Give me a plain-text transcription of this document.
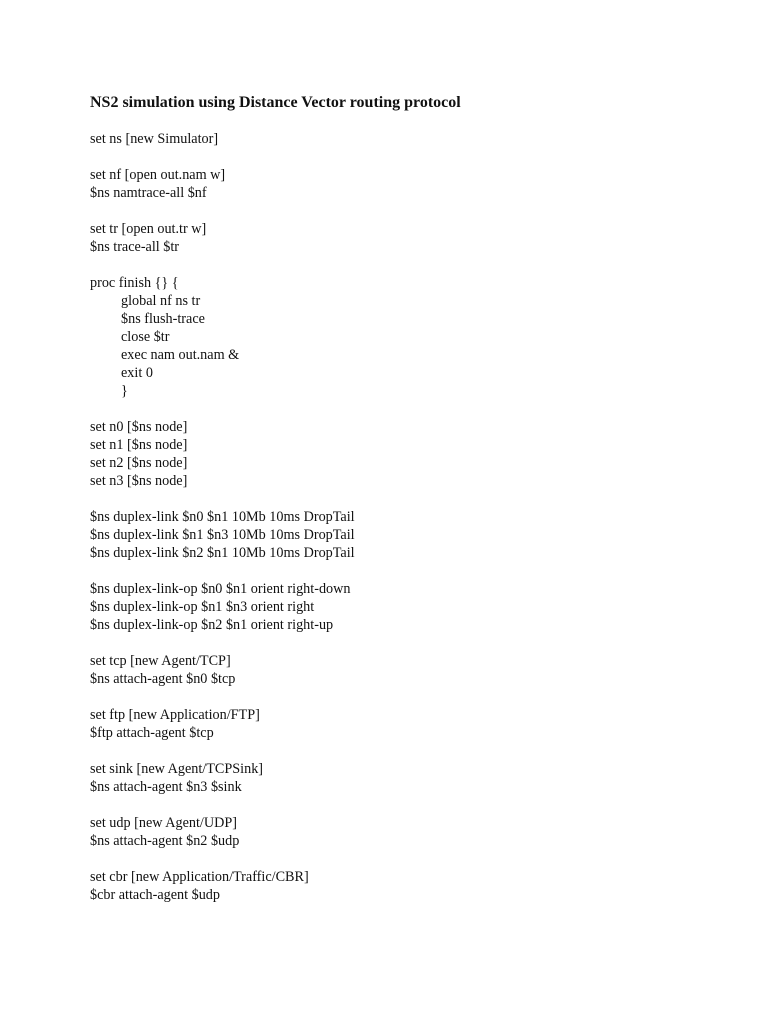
NS2 simulation using Distance Vector routing protocol
set ns [new Simulator]
set nf [open out.nam w]
$ns namtrace-all $nf
set tr [open out.tr w]
$ns trace-all $tr
proc finish {} {
global nf ns tr
$ns flush-trace
close $tr
exec nam out.nam &
exit 0
}
set n0 [$ns node]
set n1 [$ns node]
set n2 [$ns node]
set n3 [$ns node]
$ns duplex-link $n0 $n1 10Mb 10ms DropTail
$ns duplex-link $n1 $n3 10Mb 10ms DropTail
$ns duplex-link $n2 $n1 10Mb 10ms DropTail
$ns duplex-link-op $n0 $n1 orient right-down
$ns duplex-link-op $n1 $n3 orient right
$ns duplex-link-op $n2 $n1 orient right-up
set tcp [new Agent/TCP]
$ns attach-agent $n0 $tcp
set ftp [new Application/FTP]
$ftp attach-agent $tcp
set sink [new Agent/TCPSink]
$ns attach-agent $n3 $sink
set udp [new Agent/UDP]
$ns attach-agent $n2 $udp
set cbr [new Application/Traffic/CBR]
$cbr attach-agent $udp
